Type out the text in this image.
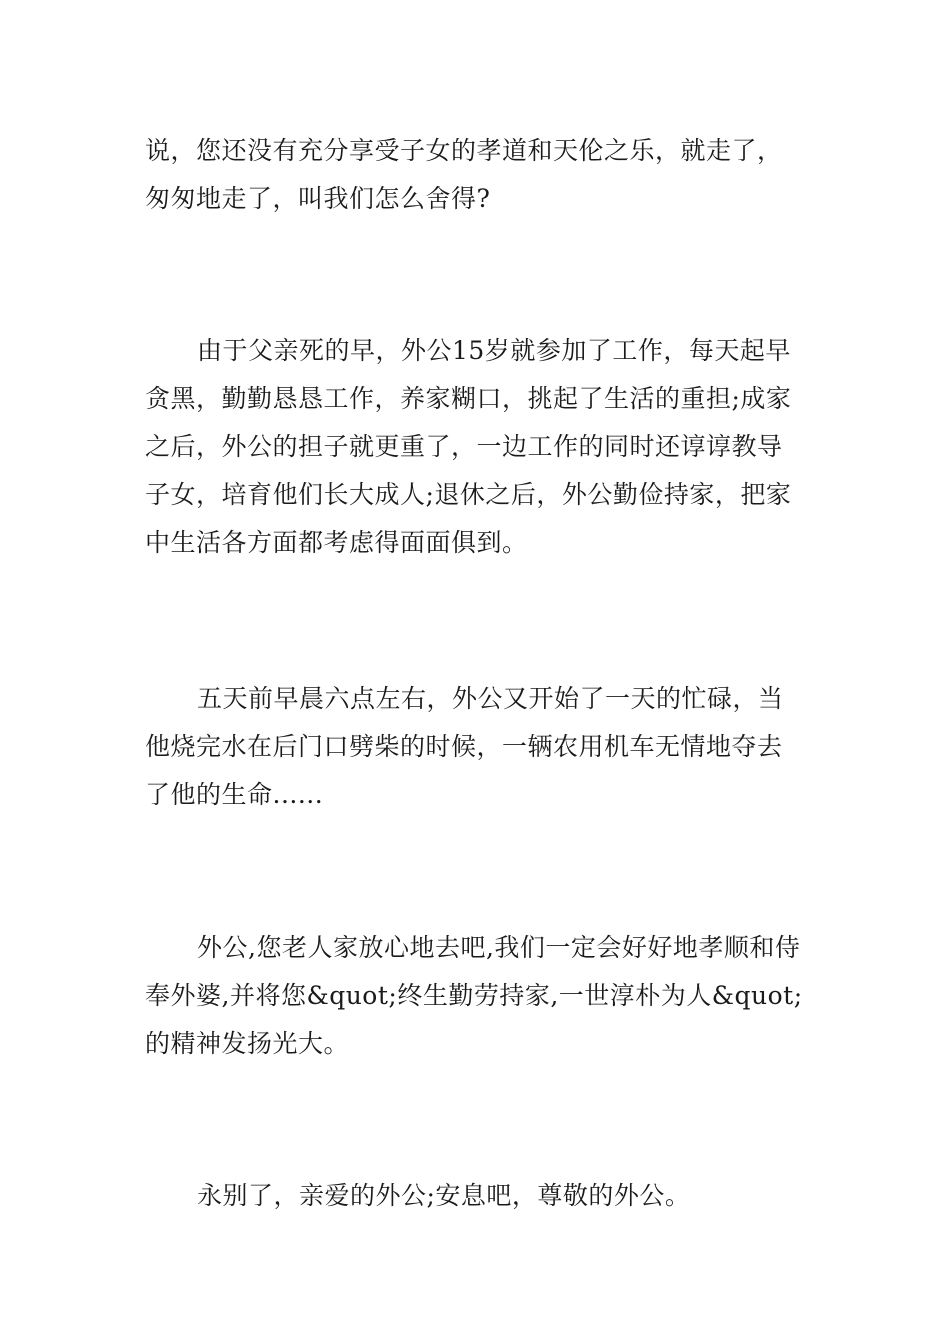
说，您还没有充分享受子女的孝道和天伦之乐，就走了，匆匆地走了，叫我们怎么舍得?

由于父亲死的早，外公15岁就参加了工作，每天起早贪黑，勤勤恳恳工作，养家糊口，挑起了生活的重担;成家之后，外公的担子就更重了，一边工作的同时还谆谆教导子女，培育他们长大成人;退休之后，外公勤俭持家，把家中生活各方面都考虑得面面俱到。

五天前早晨六点左右，外公又开始了一天的忙碌，当他烧完水在后门口劈柴的时候，一辆农用机车无情地夺去了他的生命......

外公,您老人家放心地去吧,我们一定会好好地孝顺和侍奉外婆,并将您&quot;终生勤劳持家,一世淳朴为人&quot;的精神发扬光大。

永别了，亲爱的外公;安息吧，尊敬的外公。
